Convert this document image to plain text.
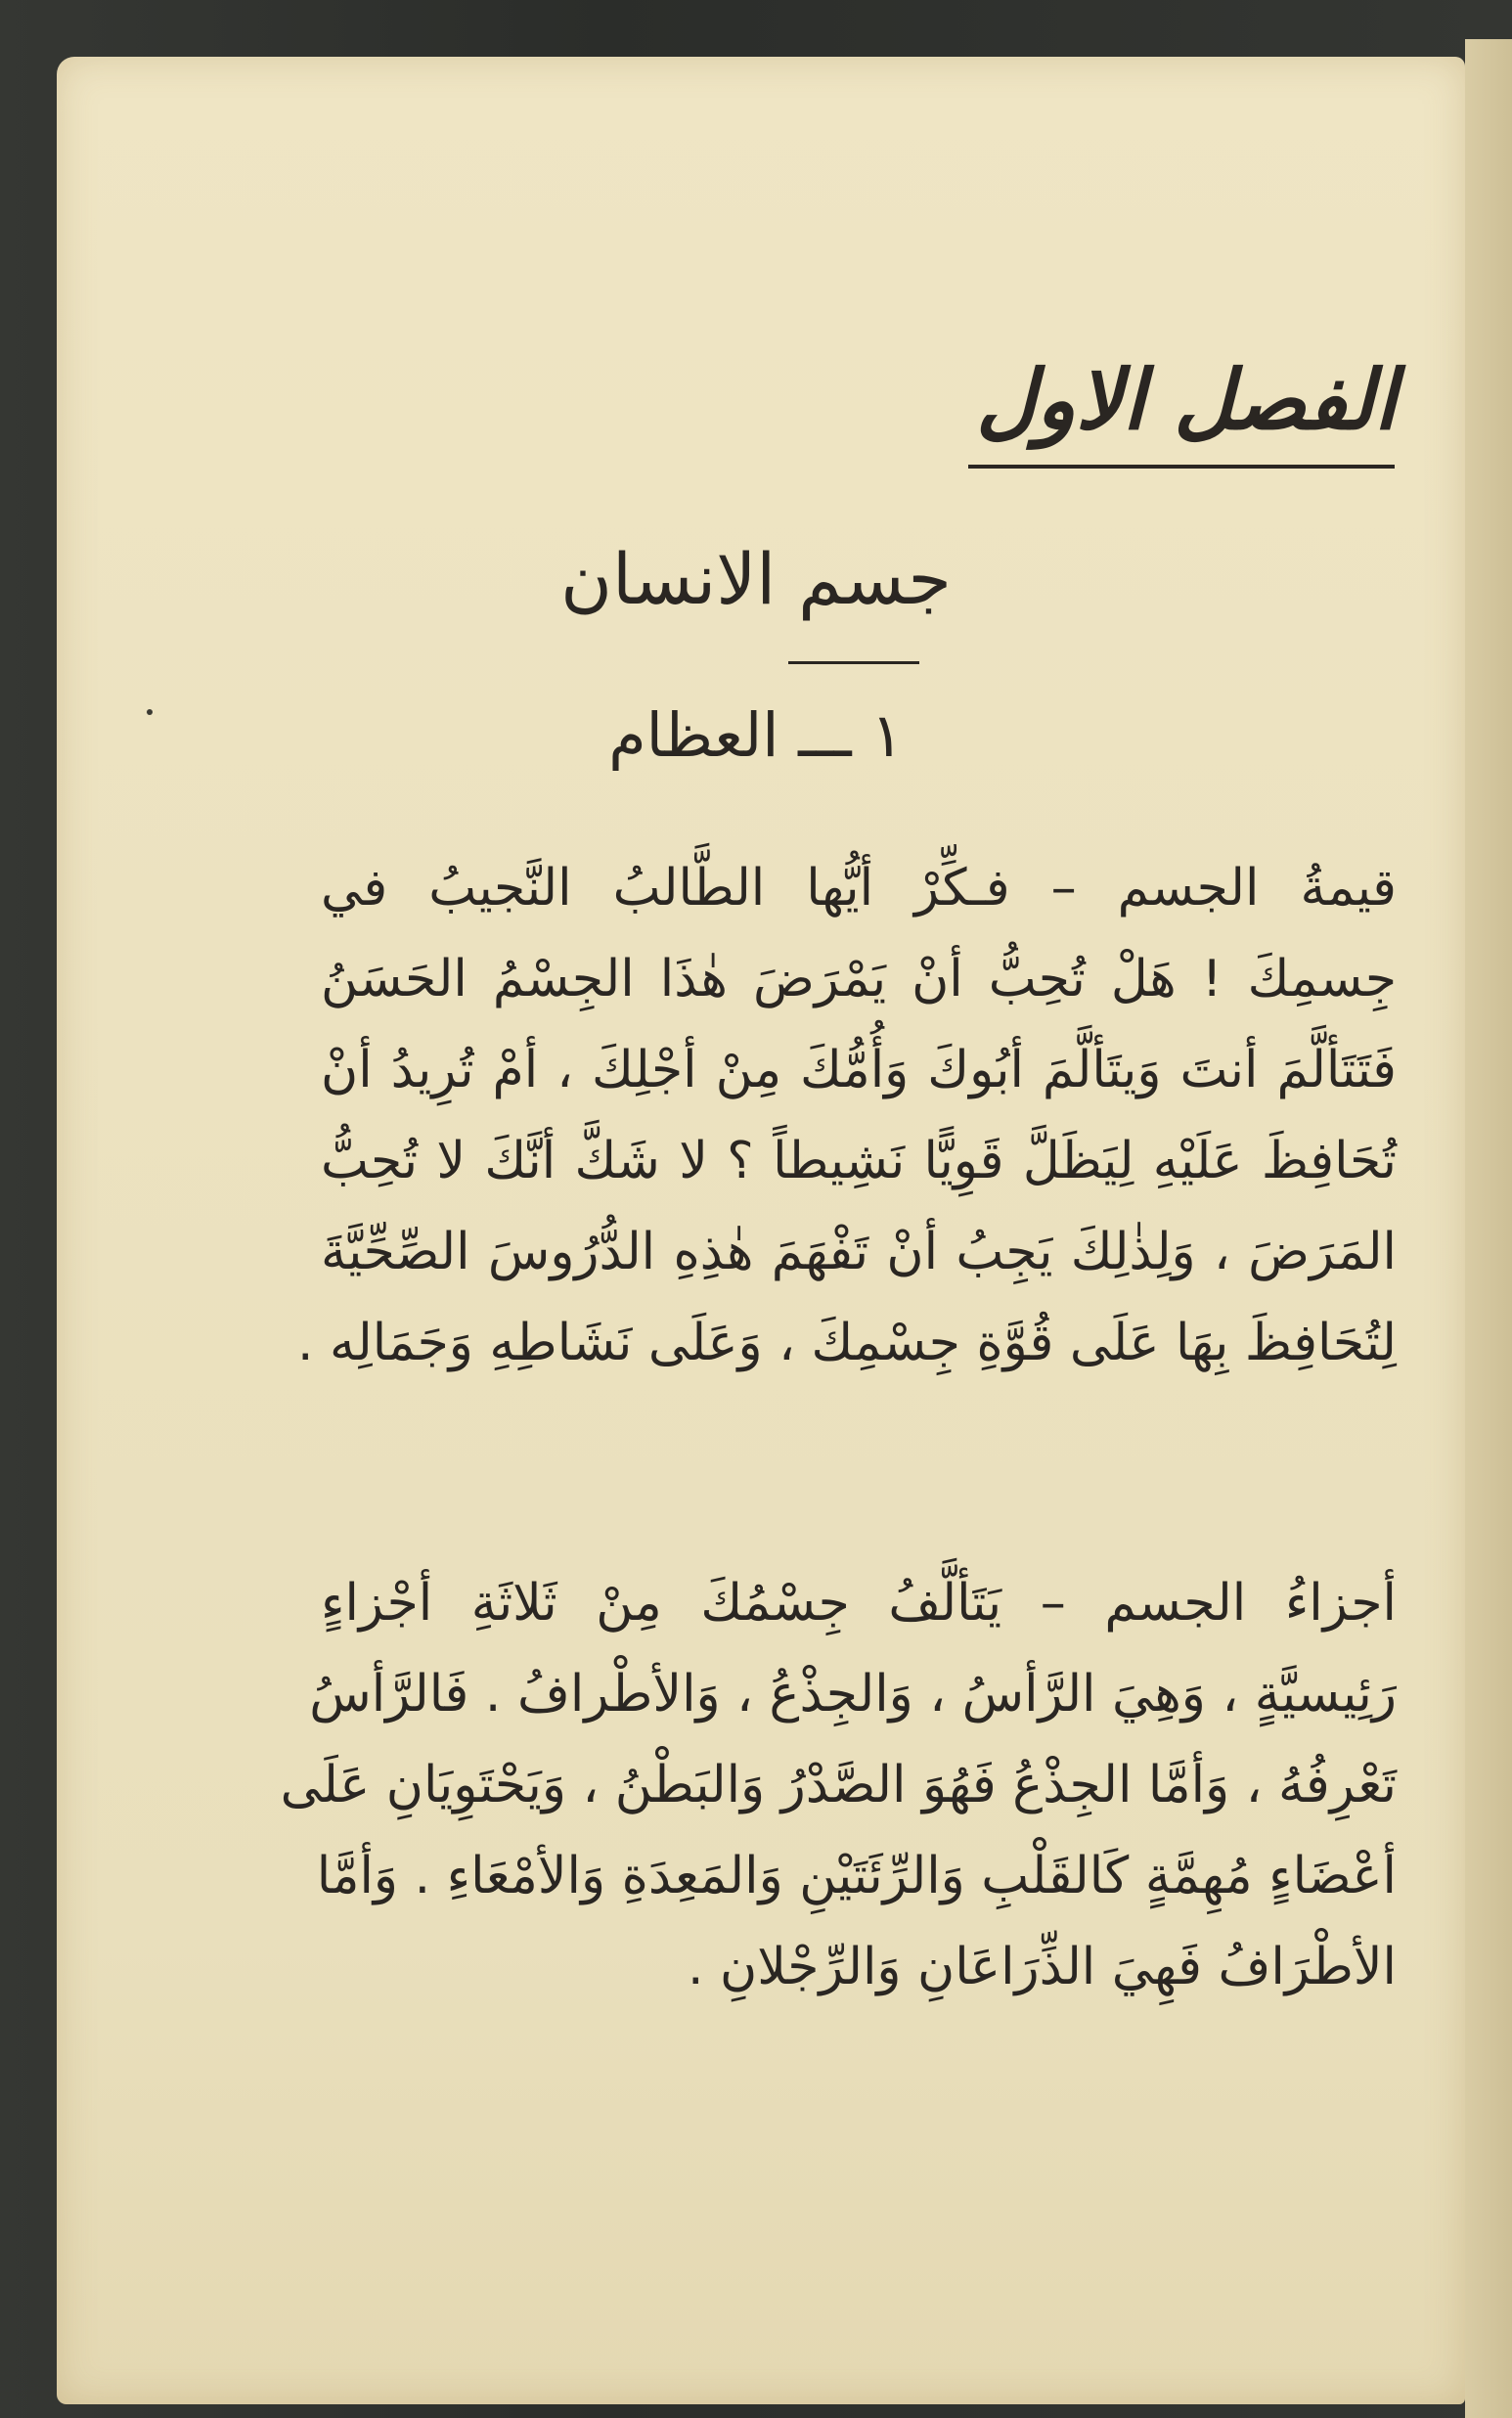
الفصل الاول
جسم الانسان
١ ـــ العظام
قيمةُ الجسم – فـكِّرْ أيُّها الطَّالبُ النَّجيبُ في
جِسمِكَ ! هَلْ تُحِبُّ أنْ يَمْرَضَ هٰذَا الجِسْمُ الحَسَنُ
فَتَتَألَّمَ أنتَ وَيتَألَّمَ أبُوكَ وَأُمُّكَ مِنْ أجْلِكَ ، أمْ تُرِيدُ أنْ
تُحَافِظَ عَلَيْهِ لِيَظَلَّ قَوِيًّا نَشِيطاً ؟ لا شَكَّ أنَّكَ لا تُحِبُّ
المَرَضَ ، وَلِذٰلِكَ يَجِبُ أنْ تَفْهَمَ هٰذِهِ الدُّرُوسَ الصِّحِّيَّةَ
لِتُحَافِظَ بِهَا عَلَى قُوَّةِ جِسْمِكَ ، وَعَلَى نَشَاطِهِ وَجَمَالِه .
أجزاءُ الجسم – يَتَألَّفُ جِسْمُكَ مِنْ ثَلاثَةِ أجْزاءٍ
رَئِيسيَّةٍ ، وَهِيَ الرَّأسُ ، وَالجِذْعُ ، وَالأطْرافُ . فَالرَّأسُ
تَعْرِفُهُ ، وَأمَّا الجِذْعُ فَهُوَ الصَّدْرُ وَالبَطْنُ ، وَيَحْتَوِيَانِ عَلَى
أعْضَاءٍ مُهِمَّةٍ كَالقَلْبِ وَالرِّئَتَيْنِ وَالمَعِدَةِ وَالأمْعَاءِ . وَأمَّا
الأطْرَافُ فَهِيَ الذِّرَاعَانِ وَالرِّجْلانِ .
